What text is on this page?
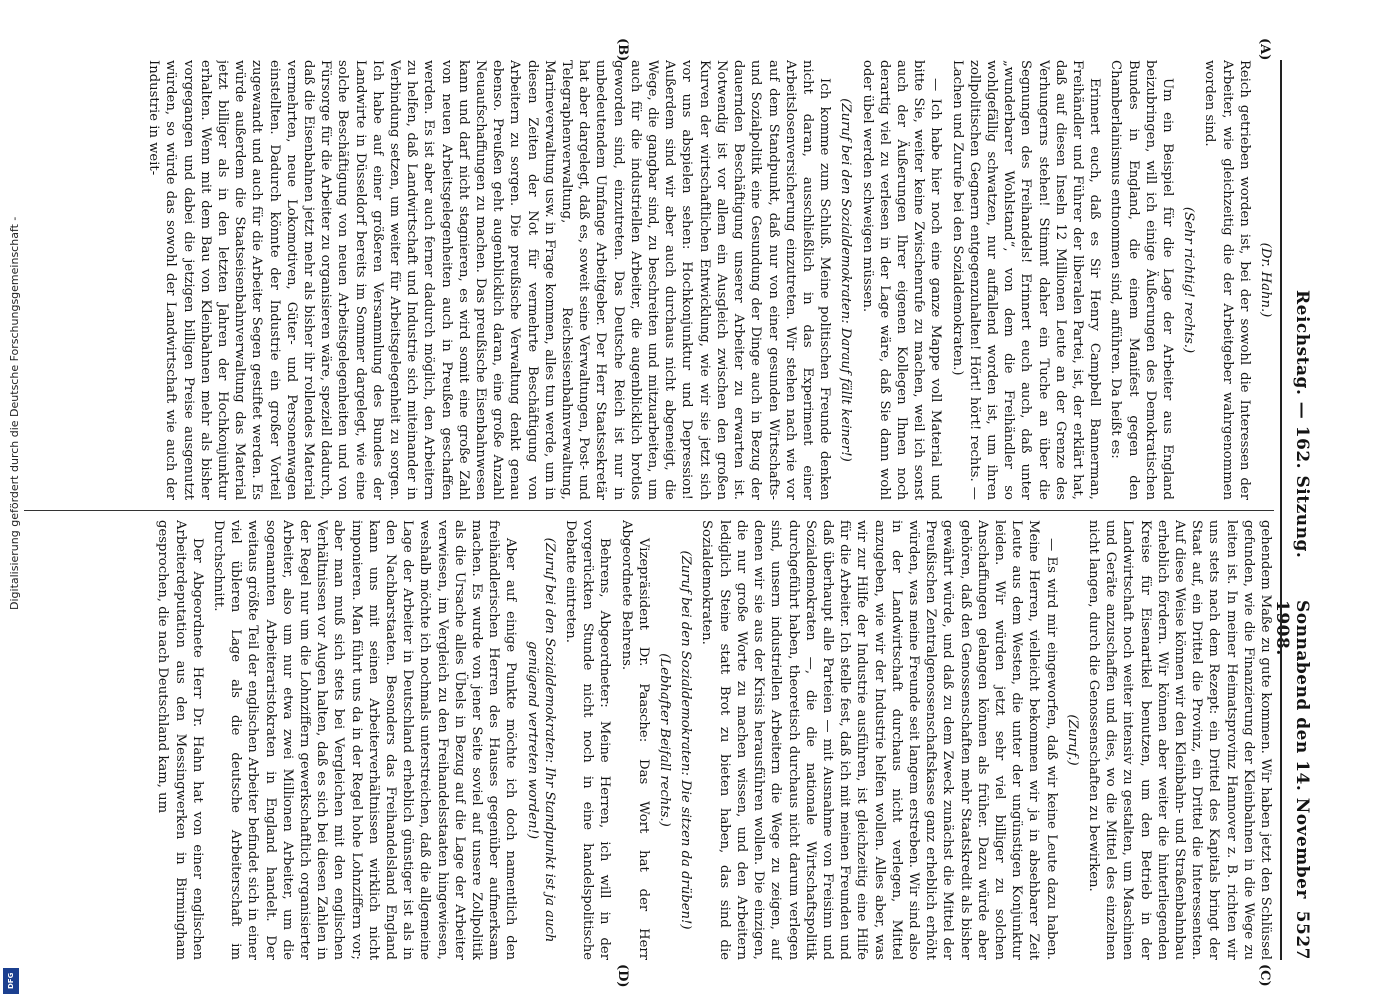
Reichstag. — 162. Sitzung.
Sonnabend den 14. November 1908.
5527
(A)
(B)
(C)
(D)

(Dr. Hahn.)

Reich getrieben worden ist, bei der sowohl die Interessen der Arbeiter, wie gleichzeitig die der Arbeitgeber wahrgenommen worden sind.

(Sehr richtig! rechts.)

Um ein Beispiel für die Lage der Arbeiter aus England beizubringen, will ich einige Äußerungen des Demokratischen Bundes in England, die einem Manifest gegen den Chamberlainismus entnommen sind, anführen. Da heißt es:

Erinnert euch, daß es Sir Henry Campbell Bannerman, Freihändler und Führer der liberalen Partei, ist, der erklärt hat, daß auf diesen Inseln 12 Millionen Leute an der Grenze des Verhungerns stehen! Stimmt daher ein Tuche an über die Segnungen des Freihandels! Erinnert euch auch, daß unter „wunderbarer Wohlstand“, von dem die Freihändler so wohlgefällig schwatzen, nur auffallend worden ist, um ihren zollpolitischen Gegnern entgegenzuhalten! Hört! hört! rechts. — Lachen und Zurufe bei den Sozialdemokraten.)

— Ich habe hier noch eine ganze Mappe voll Material und bitte Sie, weiter keine Zwischenrufe zu machen, weil ich sonst auch der Äußerungen Ihrer eigenen Kollegen Ihnen noch derartig viel zu verlesen in der Lage wäre, daß Sie dann wohl oder übel werden schweigen müssen.

(Zuruf bei den Sozialdemokraten: Darauf fällt keiner!)

Ich komme zum Schluß. Meine politischen Freunde denken nicht daran, ausschließlich in das Experiment einer Arbeitslosenversicherung einzutreten. Wir stehen nach wie vor auf dem Standpunkt, daß nur von einer gesunden Wirtschafts- und Sozialpolitik eine Gesundung der Dinge auch in Bezug der dauernden Beschäftigung unserer Arbeiter zu erwarten ist. Notwendig ist vor allem ein Ausgleich zwischen den großen Kurven der wirtschaftlichen Entwicklung, wie wir sie jetzt sich vor uns abspielen sehen: Hochkonjunktur und Depression! Außerdem sind wir aber auch durchaus nicht abgeneigt, die Wege, die gangbar sind, zu beschreiten und mitzuarbeiten, um auch für die industriellen Arbeiter, die augenblicklich brotlos geworden sind, einzutreten. Das Deutsche Reich ist nur in unbedeutendem Umfange Arbeitgeber. Der Herr Staatssekretär hat aber dargelegt, daß es, soweit seine Verwaltungen, Post- und Telegraphenverwaltung, Reichseisenbahnverwaltung, Marineverwaltung usw. in Frage kommen, alles tun werde, um in diesen Zeiten der Not für vermehrte Beschäftigung von Arbeitern zu sorgen. Die preußische Verwaltung denkt genau ebenso. Preußen geht augenblicklich daran, eine große Anzahl Neuaufschaffungen zu machen. Das preußische Eisenbahnwesen kann und darf nicht stagnieren, es wird somit eine große Zahl von neuen Arbeitsgelegenheiten auch in Preußen geschaffen werden. Es ist aber auch ferner dadurch möglich, den Arbeitern zu helfen, daß Landwirtschaft und Industrie sich miteinander in Verbindung setzen, um weiter für Arbeitsgelegenheit zu sorgen. Ich habe auf einer größeren Versammlung des Bundes der Landwirte in Düsseldorf bereits im Sommer dargelegt, wie eine solche Beschäftigung von neuen Arbeitsgelegenheiten und von Fürsorge für die Arbeiter zu organisieren wäre, speziell dadurch, daß die Eisenbahnen jetzt mehr als bisher ihr rollendes Material vermehrten, neue Lokomotiven, Güter- und Personenwagen einstellten. Dadurch könnte der Industrie ein großer Vorteil zugewandt und auch für die Arbeiter Segen gestiftet werden. Es würde außerdem die Staatseisenbahnverwaltung das Material jetzt billiger als in den letzten Jahren der Hochkonjunktur erhalten. Wenn mit dem Bau von Kleinbahnen mehr als bisher vorgegangen und dabei die jetzigen billigen Preise ausgenutzt würden, so würde das sowohl der Landwirtschaft wie auch der Industrie in weit-

gehendem Maße zu gute kommen. Wir haben jetzt den Schlüssel gefunden, wie die Finanzierung der Kleinbahnen in die Wege zu leiten ist. In meiner Heimatsprovinz Hannover z. B. richten wir uns stets nach dem Rezept: ein Drittel des Kapitals bringt der Staat auf, ein Drittel die Provinz, ein Drittel die Interessenten. Auf diese Weise können wir den Kleinbahn- und Straßenbahnbau erheblich fördern. Wir können aber weiter die hinterliegenden Kreise für Eisenartikel benutzen, um den Betrieb in der Landwirtschaft noch weiter intensiv zu gestalten, um Maschinen und Geräte anzuschaffen und dies, wo die Mittel des einzelnen nicht langen, durch die Genossenschaften zu bewirken.

(Zuruf.)

— Es wird mir eingeworfen, daß wir keine Leute dazu haben. Meine Herren, vielleicht bekommen wir ja in absehbarer Zeit Leute aus dem Westen, die unter der ungünstigen Konjunktur leiden. Wir würden jetzt sehr viel billiger zu solchen Anschaffungen gelangen können als früher. Dazu würde aber gehören, daß den Genossenschaften mehr Staatskredit als bisher gewährt würde, und daß zu dem Zweck zunächst die Mittel der Preußischen Zentralgenossenschaftskasse ganz erheblich erhöht würden, was meine Freunde seit langem erstreben. Wir sind also in der Landwirtschaft durchaus nicht verlegen, Mittel anzugeben, wie wir der Industrie helfen wollen. Alles aber, was wir zur Hilfe der Industrie ausführen, ist gleichzeitig eine Hilfe für die Arbeiter. Ich stelle fest, daß ich mit meinen Freunden und daß überhaupt alle Parteien — mit Ausnahme von Freisinn und Sozialdemokraten —, die die nationale Wirtschaftspolitik durchgeführt haben, theoretisch durchaus nicht darum verlegen sind, unsern industriellen Arbeitern die Wege zu zeigen, auf denen wir sie aus der Krisis herausführen wollen. Die einzigen, die nur große Worte zu machen wissen, und den Arbeitern lediglich Steine statt Brot zu bieten haben, das sind die Sozialdemokraten.

(Zuruf bei den Sozialdemokraten: Die sitzen da drüben!)

(Lebhafter Beifall rechts.)

Vizepräsident Dr. Paasche: Das Wort hat der Herr Abgeordnete Behrens.

Behrens, Abgeordneter: Meine Herren, ich will in der vorgerückten Stunde nicht noch in eine handelspolitische Debatte eintreten.

(Zuruf bei den Sozialdemokraten: Ihr Standpunkt ist ja auch genügend vertreten worden!)

Aber auf einige Punkte möchte ich doch namentlich den freihändlerischen Herren des Hauses gegenüber aufmerksam machen. Es wurde von jener Seite soviel auf unsere Zollpolitik als die Ursache alles Übels in Bezug auf die Lage der Arbeiter verwiesen, im Vergleich zu den Freihandelsstaaten hingewiesen, weshalb möchte ich nochmals unterstreichen, daß die allgemeine Lage der Arbeiter in Deutschland erheblich günstiger ist als in den Nachbarstaaten. Besonders das Freihandelsland England kann uns mit seinen Arbeiterverhältnissen wirklich nicht imponieren. Man führt uns da in der Regel hohe Lohnziffern vor; aber man muß sich stets bei Vergleichen mit den englischen Verhältnissen vor Augen halten, daß es sich bei diesen Zahlen in der Regel nur um die Lohnziffern gewerkschaftlich organisierter Arbeiter, also um nur etwa zwei Millionen Arbeiter, um die sogenannten Arbeiteraristokraten in England handelt. Der weitaus größte Teil der englischen Arbeiter befindet sich in einer viel übleren Lage als die deutsche Arbeiterschaft im Durchschnitt.

Der Abgeordnete Herr Dr. Hahn hat von einer englischen Arbeiterdeputation aus den Messingwerken in Birmingham gesprochen, die nach Deutschland kam, um

Digitalisierung gefördert durch die Deutsche Forschungsgemeinschaft -
DFG
